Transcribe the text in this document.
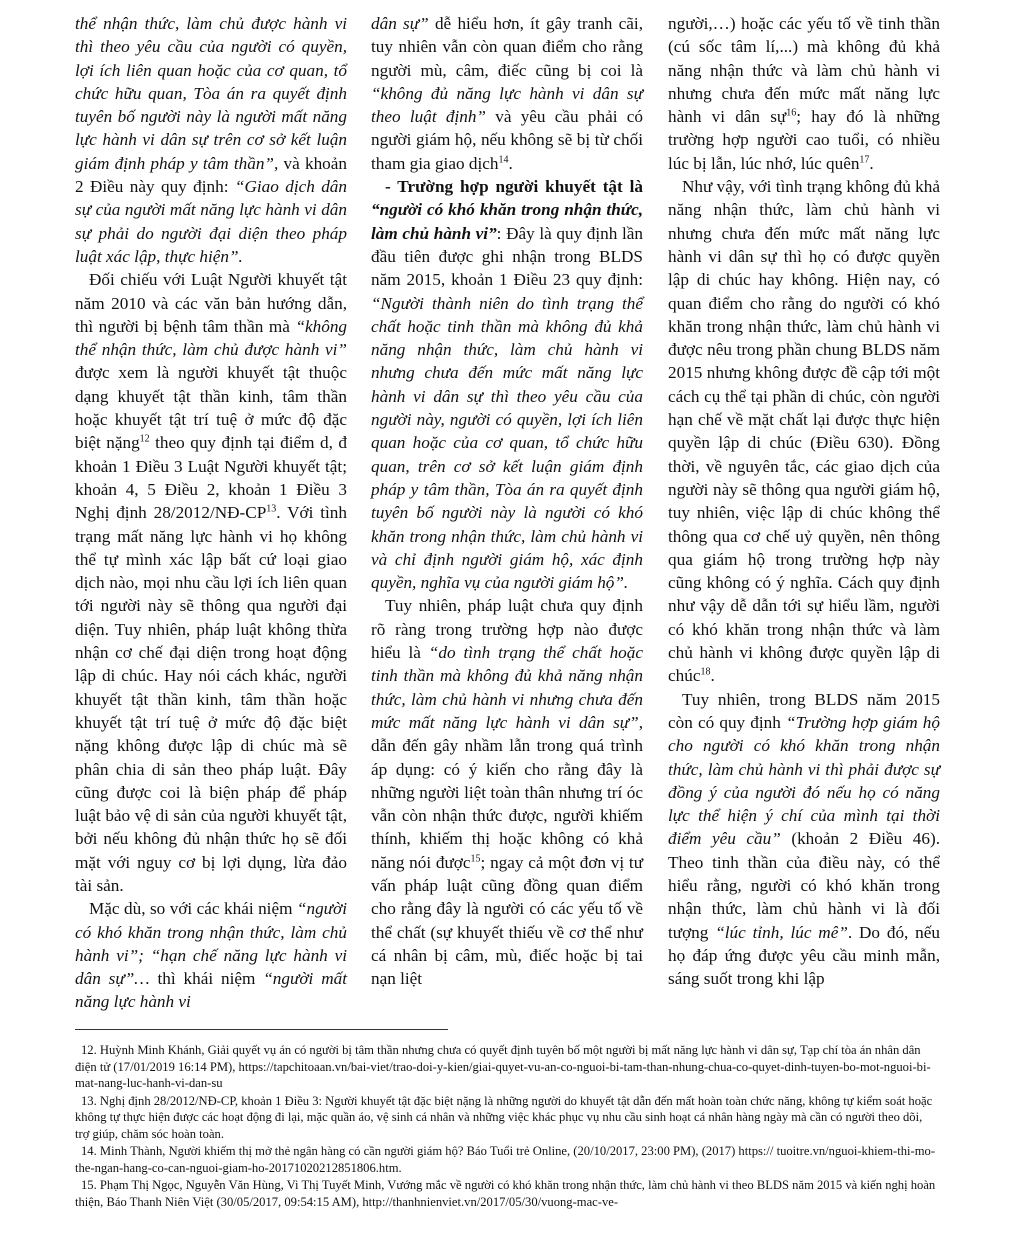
thể nhận thức, làm chủ được hành vi thì theo yêu cầu của người có quyền, lợi ích liên quan hoặc của cơ quan, tổ chức hữu quan, Tòa án ra quyết định tuyên bố người này là người mất năng lực hành vi dân sự trên cơ sở kết luận giám định pháp y tâm thần”, và khoản 2 Điều này quy định: “Giao dịch dân sự của người mất năng lực hành vi dân sự phải do người đại diện theo pháp luật xác lập, thực hiện”.

Đối chiếu với Luật Người khuyết tật năm 2010 và các văn bản hướng dẫn, thì người bị bệnh tâm thần mà “không thể nhận thức, làm chủ được hành vi” được xem là người khuyết tật thuộc dạng khuyết tật thần kinh, tâm thần hoặc khuyết tật trí tuệ ở mức độ đặc biệt nặng$^{12}$ theo quy định tại điểm d, đ khoản 1 Điều 3 Luật Người khuyết tật; khoản 4, 5 Điều 2, khoản 1 Điều 3 Nghị định 28/2012/NĐ-CP$^{13}$. Với tình trạng mất năng lực hành vi họ không thể tự mình xác lập bất cứ loại giao dịch nào, mọi nhu cầu lợi ích liên quan tới người này sẽ thông qua người đại diện. Tuy nhiên, pháp luật không thừa nhận cơ chế đại diện trong hoạt động lập di chúc. Hay nói cách khác, người khuyết tật thần kinh, tâm thần hoặc khuyết tật trí tuệ ở mức độ đặc biệt nặng không được lập di chúc mà sẽ phân chia di sản theo pháp luật. Đây cũng được coi là biện pháp để pháp luật bảo vệ di sản của người khuyết tật, bởi nếu không đủ nhận thức họ sẽ đối mặt với nguy cơ bị lợi dụng, lừa đảo tài sản.

Mặc dù, so với các khái niệm “người có khó khăn trong nhận thức, làm chủ hành vi”; “hạn chế năng lực hành vi dân sự”… thì khái niệm “người mất năng lực hành vi

dân sự” dễ hiểu hơn, ít gây tranh cãi, tuy nhiên vẫn còn quan điểm cho rằng người mù, câm, điếc cũng bị coi là “không đủ năng lực hành vi dân sự theo luật định” và yêu cầu phải có người giám hộ, nếu không sẽ bị từ chối tham gia giao dịch$^{14}$.

- Trường hợp người khuyết tật là “người có khó khăn trong nhận thức, làm chủ hành vi”: Đây là quy định lần đầu tiên được ghi nhận trong BLDS năm 2015, khoản 1 Điều 23 quy định: “Người thành niên do tình trạng thể chất hoặc tinh thần mà không đủ khả năng nhận thức, làm chủ hành vi nhưng chưa đến mức mất năng lực hành vi dân sự thì theo yêu cầu của người này, người có quyền, lợi ích liên quan hoặc của cơ quan, tổ chức hữu quan, trên cơ sở kết luận giám định pháp y tâm thần, Tòa án ra quyết định tuyên bố người này là người có khó khăn trong nhận thức, làm chủ hành vi và chỉ định người giám hộ, xác định quyền, nghĩa vụ của người giám hộ”.

Tuy nhiên, pháp luật chưa quy định rõ ràng trong trường hợp nào được hiểu là “do tình trạng thể chất hoặc tinh thần mà không đủ khả năng nhận thức, làm chủ hành vi nhưng chưa đến mức mất năng lực hành vi dân sự”, dẫn đến gây nhầm lẫn trong quá trình áp dụng: có ý kiến cho rằng đây là những người liệt toàn thân nhưng trí óc vẫn còn nhận thức được, người khiếm thính, khiếm thị hoặc không có khả năng nói được$^{15}$; ngay cả một đơn vị tư vấn pháp luật cũng đồng quan điểm cho rằng đây là người có các yếu tố về thể chất (sự khuyết thiếu về cơ thể như cá nhân bị câm, mù, điếc hoặc bị tai nạn liệt

người,…) hoặc các yếu tố về tinh thần (cú sốc tâm lí,...) mà không đủ khả năng nhận thức và làm chủ hành vi nhưng chưa đến mức mất năng lực hành vi dân sự$^{16}$; hay đó là những trường hợp người cao tuổi, có nhiều lúc bị lẫn, lúc nhớ, lúc quên$^{17}$.

Như vậy, với tình trạng không đủ khả năng nhận thức, làm chủ hành vi nhưng chưa đến mức mất năng lực hành vi dân sự thì họ có được quyền lập di chúc hay không. Hiện nay, có quan điểm cho rằng do người có khó khăn trong nhận thức, làm chủ hành vi được nêu trong phần chung BLDS năm 2015 nhưng không được đề cập tới một cách cụ thể tại phần di chúc, còn người hạn chế về mặt chất lại được thực hiện quyền lập di chúc (Điều 630). Đồng thời, về nguyên tắc, các giao dịch của người này sẽ thông qua người giám hộ, tuy nhiên, việc lập di chúc không thể thông qua cơ chế uỷ quyền, nên thông qua giám hộ trong trường hợp này cũng không có ý nghĩa. Cách quy định như vậy dễ dẫn tới sự hiểu lầm, người có khó khăn trong nhận thức và làm chủ hành vi không được quyền lập di chúc$^{18}$.

Tuy nhiên, trong BLDS năm 2015 còn có quy định “Trường hợp giám hộ cho người có khó khăn trong nhận thức, làm chủ hành vi thì phải được sự đồng ý của người đó nếu họ có năng lực thể hiện ý chí của mình tại thời điểm yêu cầu” (khoản 2 Điều 46). Theo tinh thần của điều này, có thể hiểu rằng, người có khó khăn trong nhận thức, làm chủ hành vi là đối tượng “lúc tỉnh, lúc mê”. Do đó, nếu họ đáp ứng được yêu cầu minh mẫn, sáng suốt trong khi lập

12. Huỳnh Minh Khánh, Giải quyết vụ án có người bị tâm thần nhưng chưa có quyết định tuyên bố một người bị mất năng lực hành vi dân sự, Tạp chí tòa án nhân dân điện tử (17/01/2019 16:14 PM), https://tapchitoaan.vn/bai-viet/trao-doi-y-kien/giai-quyet-vu-an-co-nguoi-bi-tam-than-nhung-chua-co-quyet-dinh-tuyen-bo-mot-nguoi-bi-mat-nang-luc-hanh-vi-dan-su

13. Nghị định 28/2012/NĐ-CP, khoản 1 Điều 3: Người khuyết tật đặc biệt nặng là những người do khuyết tật dẫn đến mất hoàn toàn chức năng, không tự kiểm soát hoặc không tự thực hiện được các hoạt động đi lại, mặc quần áo, vệ sinh cá nhân và những việc khác phục vụ nhu cầu sinh hoạt cá nhân hàng ngày mà cần có người theo dõi, trợ giúp, chăm sóc hoàn toàn.

14. Minh Thành, Người khiếm thị mở thẻ ngân hàng có cần người giám hộ? Báo Tuổi trẻ Online, (20/10/2017, 23:00 PM), (2017) https:// tuoitre.vn/nguoi-khiem-thi-mo-the-ngan-hang-co-can-nguoi-giam-ho-20171020212851806.htm.

15. Phạm Thị Ngọc, Nguyễn Văn Hùng, Vi Thị Tuyết Minh, Vướng mắc về người có khó khăn trong nhận thức, làm chủ hành vi theo BLDS năm 2015 và kiến nghị hoàn thiện, Báo Thanh Niên Việt (30/05/2017, 09:54:15 AM), http://thanhnienviet.vn/2017/05/30/vuong-mac-ve-
